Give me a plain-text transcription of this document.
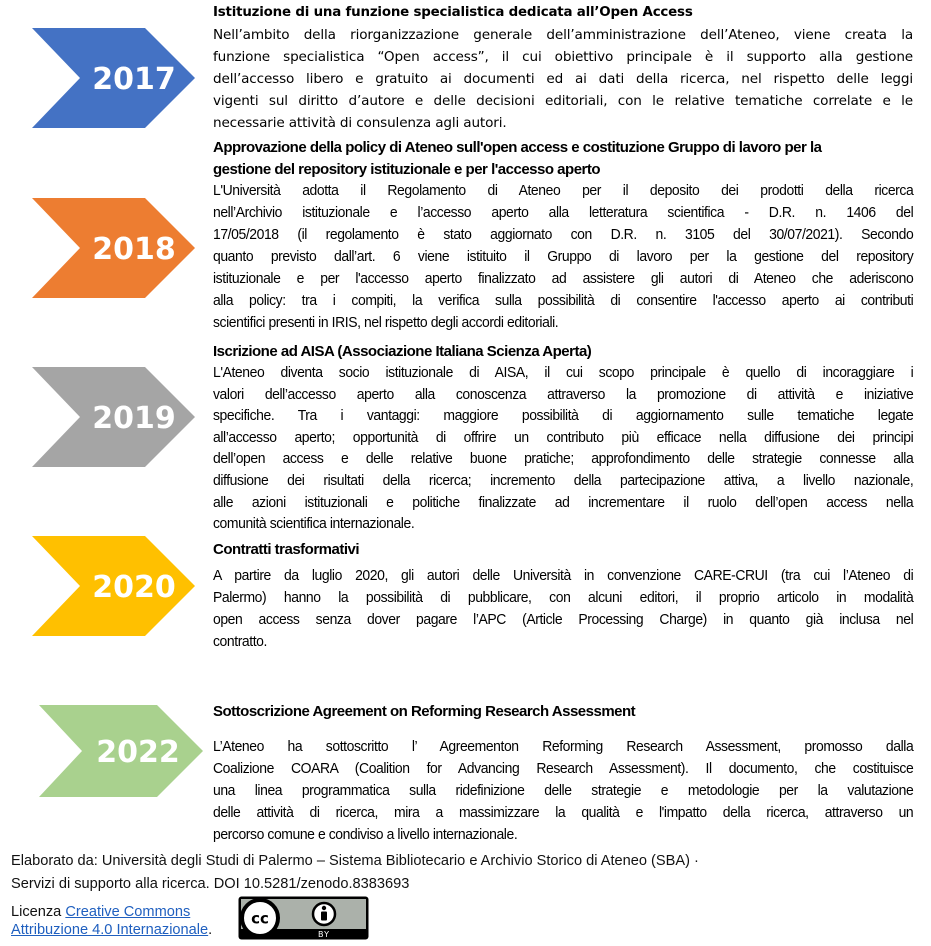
2017
Istituzione di una funzione specialistica dedicata all’Open Access
Nell’ambito della riorganizzazione generale dell’amministrazione dell’Ateneo, viene creata la
funzione specialistica “Open access”, il cui obiettivo principale è il supporto alla gestione
dell’accesso libero e gratuito ai documenti ed ai dati della ricerca, nel rispetto delle leggi
vigenti sul diritto d’autore e delle decisioni editoriali, con le relative tematiche correlate e le
necessarie attività di consulenza agli autori.
2018
Approvazione della policy di Ateneo sull'open access e costituzione Gruppo di lavoro per la
gestione del repository istituzionale e per l'accesso aperto
L'Università adotta il Regolamento di Ateneo per il deposito dei prodotti della ricerca
nell’Archivio istituzionale e l’accesso aperto alla letteratura scientifica - D.R. n. 1406 del
17/05/2018 (il regolamento è stato aggiornato con D.R. n. 3105 del 30/07/2021). Secondo
quanto previsto dall’art. 6 viene istituito il Gruppo di lavoro per la gestione del repository
istituzionale e per l'accesso aperto finalizzato ad assistere gli autori di Ateneo che aderiscono
alla policy: tra i compiti, la verifica sulla possibilità di consentire l'accesso aperto ai contributi
scientifici presenti in IRIS, nel rispetto degli accordi editoriali.
2019
Iscrizione ad AISA (Associazione Italiana Scienza Aperta)
L'Ateneo diventa socio istituzionale di AISA, il cui scopo principale è quello di incoraggiare i
valori dell’accesso aperto alla conoscenza attraverso la promozione di attività e iniziative
specifiche. Tra i vantaggi: maggiore possibilità di aggiornamento sulle tematiche legate
all’accesso aperto; opportunità di offrire un contributo più efficace nella diffusione dei principi
dell’open access e delle relative buone pratiche; approfondimento delle strategie connesse alla
diffusione dei risultati della ricerca; incremento della partecipazione attiva, a livello nazionale,
alle azioni istituzionali e politiche finalizzate ad incrementare il ruolo dell’open access nella
comunità scientifica internazionale.
2020
Contratti trasformativi
A partire da luglio 2020, gli autori delle Università in convenzione CARE-CRUI (tra cui l’Ateneo di
Palermo) hanno la possibilità di pubblicare, con alcuni editori, il proprio articolo in modalità
open access senza dover pagare l’APC (Article Processing Charge) in quanto già inclusa nel
contratto.
2022
Sottoscrizione Agreement on Reforming Research Assessment
L’Ateneo ha sottoscritto l’ Agreementon Reforming Research Assessment, promosso dalla
Coalizione COARA (Coalition for Advancing Research Assessment). Il documento, che costituisce
una linea programmatica sulla ridefinizione delle strategie e metodologie per la valutazione
delle attività di ricerca, mira a massimizzare la qualità e l'impatto della ricerca, attraverso un
percorso comune e condiviso a livello internazionale.
Elaborato da: Università degli Studi di Palermo – Sistema Bibliotecario e Archivio Storico di Ateneo (SBA) ·
Servizi di supporto alla ricerca. DOI 10.5281/zenodo.8383693
Licenza Creative Commons
Attribuzione 4.0 Internazionale.
cc
BY
